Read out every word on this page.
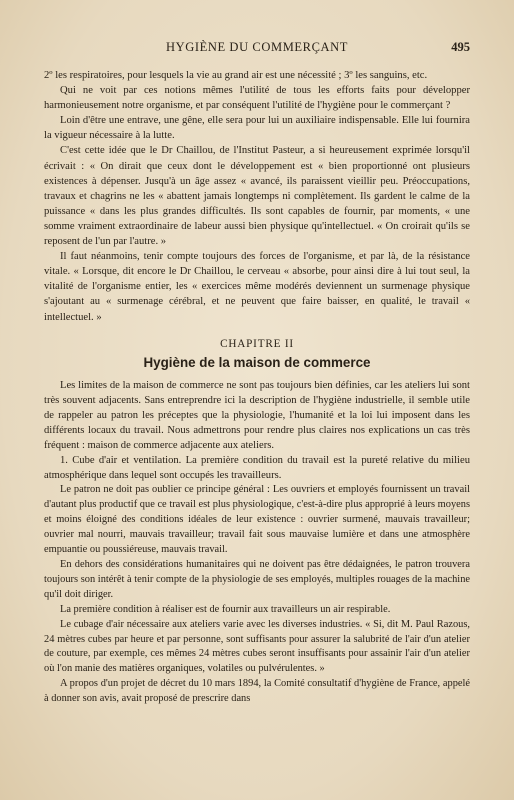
HYGIÈNE DU COMMERÇANT	495

2º les respiratoires, pour lesquels la vie au grand air est une nécessité ; 3º les sanguins, etc.

Qui ne voit par ces notions mêmes l'utilité de tous les efforts faits pour développer harmonieusement notre organisme, et par conséquent l'utilité de l'hygiène pour le commerçant ?

Loin d'être une entrave, une gêne, elle sera pour lui un auxiliaire indispensable. Elle lui fournira la vigueur nécessaire à la lutte.

C'est cette idée que le Dr Chaillou, de l'Institut Pasteur, a si heureusement exprimée lorsqu'il écrivait : « On dirait que ceux dont le développement est « bien proportionné ont plusieurs existences à dépenser. Jusqu'à un âge assez « avancé, ils paraissent vieillir peu. Préoccupations, travaux et chagrins ne les « abattent jamais longtemps ni complètement. Ils gardent le calme de la puissance « dans les plus grandes difficultés. Ils sont capables de fournir, par moments, « une somme vraiment extraordinaire de labeur aussi bien physique qu'intellectuel. « On croirait qu'ils se reposent de l'un par l'autre. »

Il faut néanmoins, tenir compte toujours des forces de l'organisme, et par là, de la résistance vitale. « Lorsque, dit encore le Dr Chaillou, le cerveau « absorbe, pour ainsi dire à lui tout seul, la vitalité de l'organisme entier, les « exercices même modérés deviennent un surmenage physique s'ajoutant au « surmenage cérébral, et ne peuvent que faire baisser, en qualité, le travail « intellectuel. »

CHAPITRE II
Hygiène de la maison de commerce

Les limites de la maison de commerce ne sont pas toujours bien définies, car les ateliers lui sont très souvent adjacents. Sans entreprendre ici la description de l'hygiène industrielle, il semble utile de rappeler au patron les préceptes que la physiologie, l'humanité et la loi lui imposent dans les différents locaux du travail. Nous admettrons pour rendre plus claires nos explications un cas très fréquent : maison de commerce adjacente aux ateliers.

1. Cube d'air et ventilation. La première condition du travail est la pureté relative du milieu atmosphérique dans lequel sont occupés les travailleurs.

Le patron ne doit pas oublier ce principe général : Les ouvriers et employés fournissent un travail d'autant plus productif que ce travail est plus physiologique, c'est-à-dire plus approprié à leurs moyens et moins éloigné des conditions idéales de leur existence : ouvrier surmené, mauvais travailleur; ouvrier mal nourri, mauvais travailleur; travail fait sous mauvaise lumière et dans une atmosphère empuantie ou poussiéreuse, mauvais travail.

En dehors des considérations humanitaires qui ne doivent pas être dédaignées, le patron trouvera toujours son intérêt à tenir compte de la physiologie de ses employés, multiples rouages de la machine qu'il doit diriger.

La première condition à réaliser est de fournir aux travailleurs un air respirable.

Le cubage d'air nécessaire aux ateliers varie avec les diverses industries. « Si, dit M. Paul Razous, 24 mètres cubes par heure et par personne, sont suffisants pour assurer la salubrité de l'air d'un atelier de couture, par exemple, ces mêmes 24 mètres cubes seront insuffisants pour assainir l'air d'un atelier où l'on manie des matières organiques, volatiles ou pulvérulentes. »

A propos d'un projet de décret du 10 mars 1894, la Comité consultatif d'hygiène de France, appelé à donner son avis, avait proposé de prescrire dans
